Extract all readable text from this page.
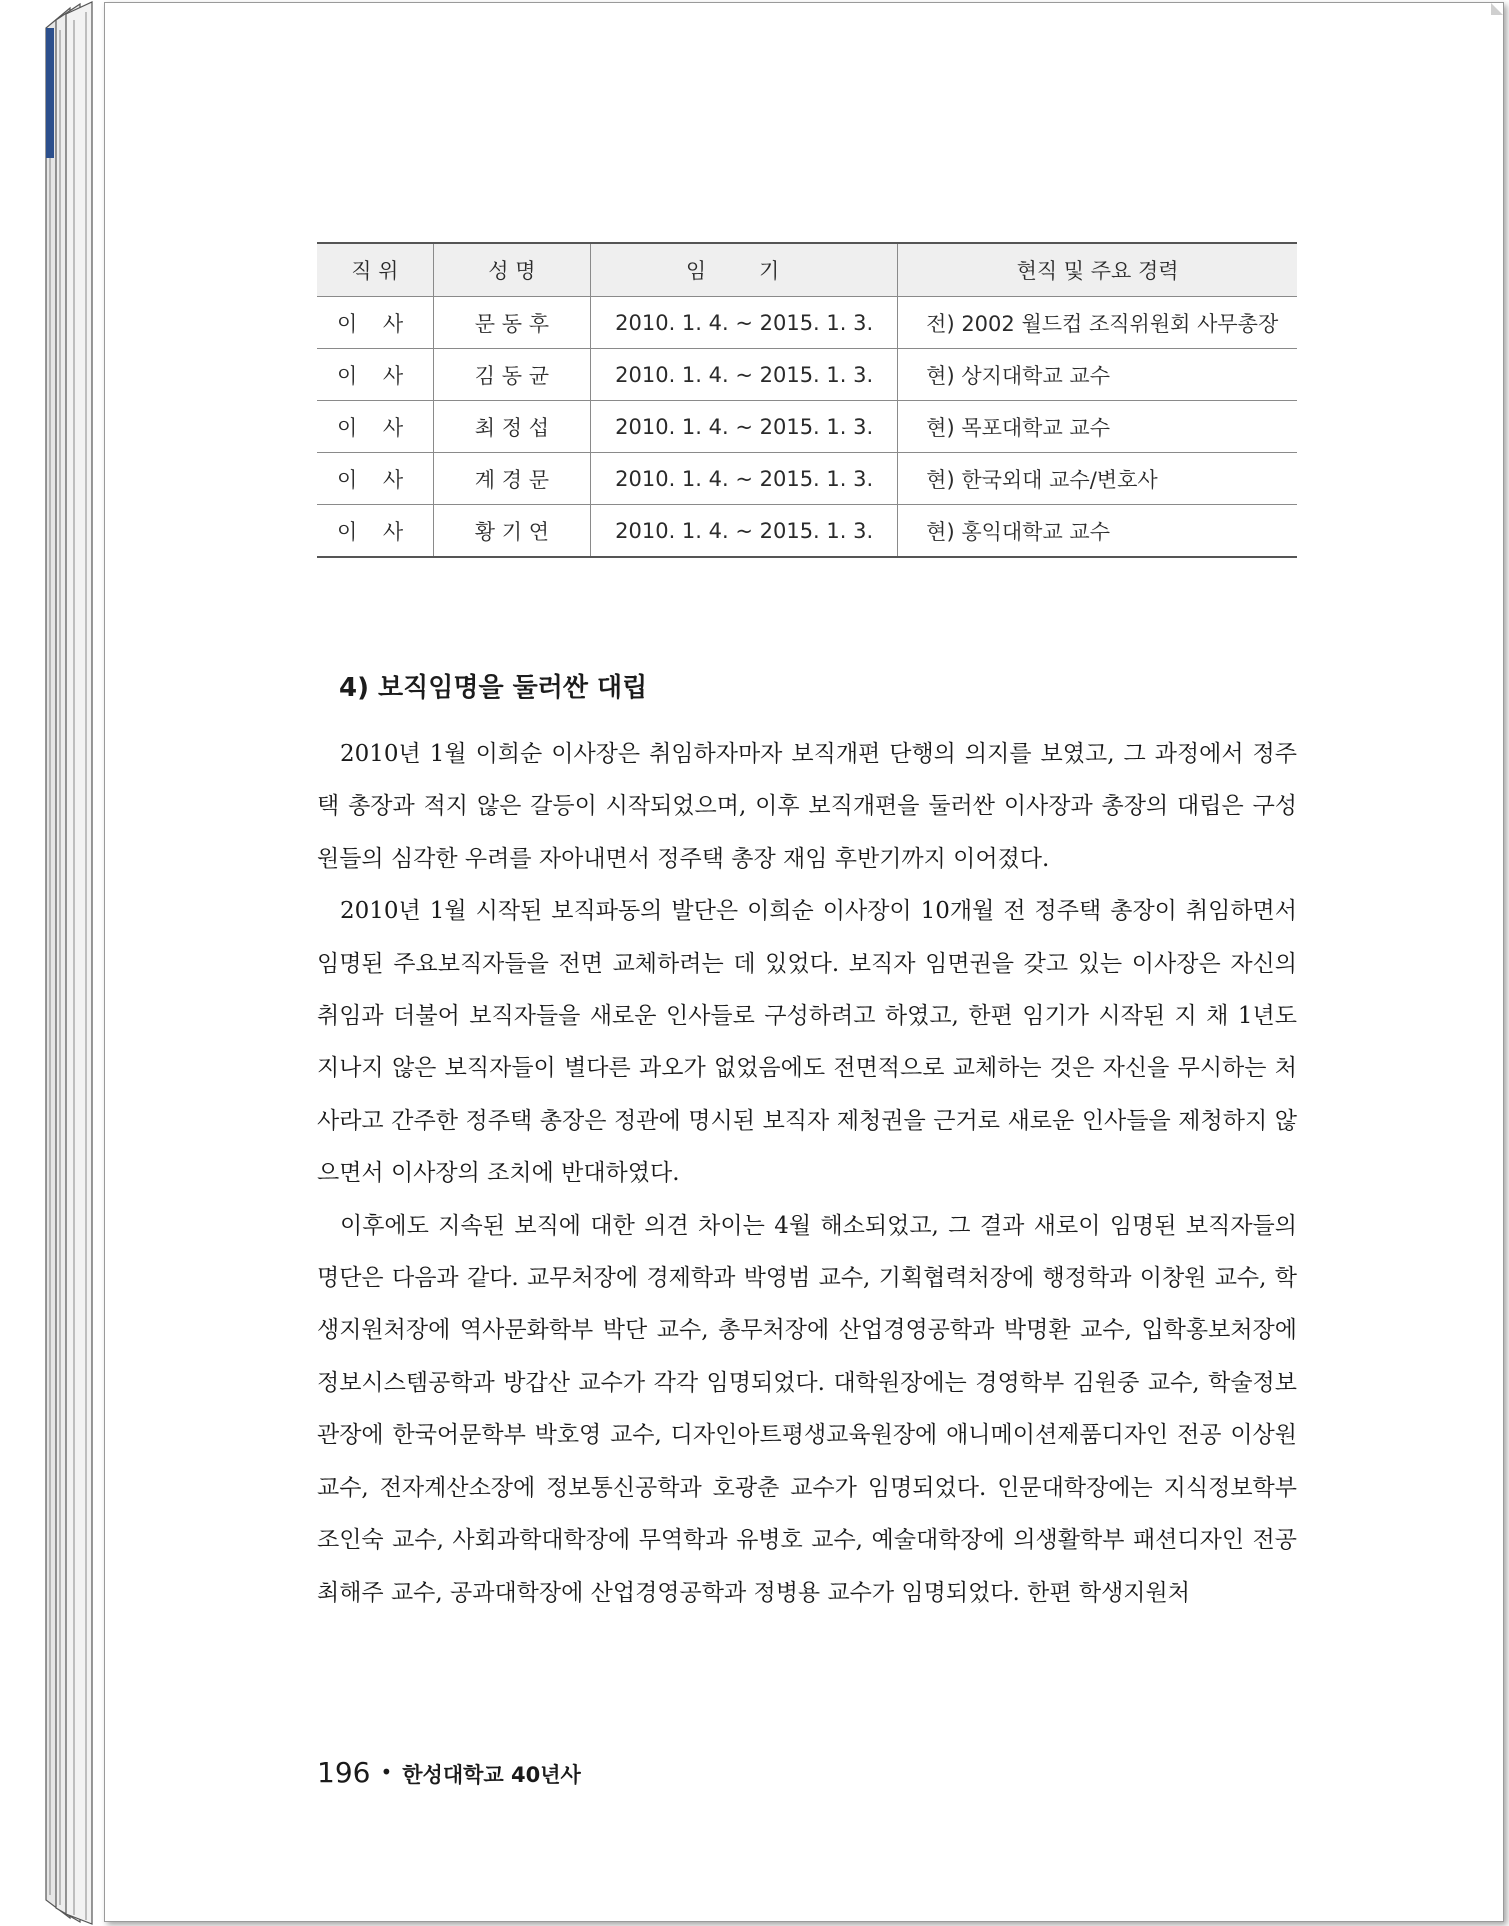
직 위	성 명	임 기	현직 및 주요 경력
이 사	문 동 후	2010. 1. 4. ~ 2015. 1. 3.	전) 2002 월드컵 조직위원회 사무총장
이 사	김 동 균	2010. 1. 4. ~ 2015. 1. 3.	현) 상지대학교 교수
이 사	최 정 섭	2010. 1. 4. ~ 2015. 1. 3.	현) 목포대학교 교수
이 사	계 경 문	2010. 1. 4. ~ 2015. 1. 3.	현) 한국외대 교수/변호사
이 사	황 기 연	2010. 1. 4. ~ 2015. 1. 3.	현) 홍익대학교 교수
4) 보직임명을 둘러싼 대립

2010년 1월 이희순 이사장은 취임하자마자 보직개편 단행의 의지를 보였고, 그 과정에서 정주택 총장과 적지 않은 갈등이 시작되었으며, 이후 보직개편을 둘러싼 이사장과 총장의 대립은 구성원들의 심각한 우려를 자아내면서 정주택 총장 재임 후반기까지 이어졌다.

2010년 1월 시작된 보직파동의 발단은 이희순 이사장이 10개월 전 정주택 총장이 취임하면서 임명된 주요보직자들을 전면 교체하려는 데 있었다. 보직자 임면권을 갖고 있는 이사장은 자신의 취임과 더불어 보직자들을 새로운 인사들로 구성하려고 하였고, 한편 임기가 시작된 지 채 1년도 지나지 않은 보직자들이 별다른 과오가 없었음에도 전면적으로 교체하는 것은 자신을 무시하는 처사라고 간주한 정주택 총장은 정관에 명시된 보직자 제청권을 근거로 새로운 인사들을 제청하지 않으면서 이사장의 조치에 반대하였다.

이후에도 지속된 보직에 대한 의견 차이는 4월 해소되었고, 그 결과 새로이 임명된 보직자들의 명단은 다음과 같다. 교무처장에 경제학과 박영범 교수, 기획협력처장에 행정학과 이창원 교수, 학생지원처장에 역사문화학부 박단 교수, 총무처장에 산업경영공학과 박명환 교수, 입학홍보처장에 정보시스템공학과 방갑산 교수가 각각 임명되었다. 대학원장에는 경영학부 김원중 교수, 학술정보관장에 한국어문학부 박호영 교수, 디자인아트평생교육원장에 애니메이션제품디자인 전공 이상원 교수, 전자계산소장에 정보통신공학과 호광춘 교수가 임명되었다. 인문대학장에는 지식정보학부 조인숙 교수, 사회과학대학장에 무역학과 유병호 교수, 예술대학장에 의생활학부 패션디자인 전공 최해주 교수, 공과대학장에 산업경영공학과 정병용 교수가 임명되었다. 한편 학생지원처

196 • 한성대학교 40년사
